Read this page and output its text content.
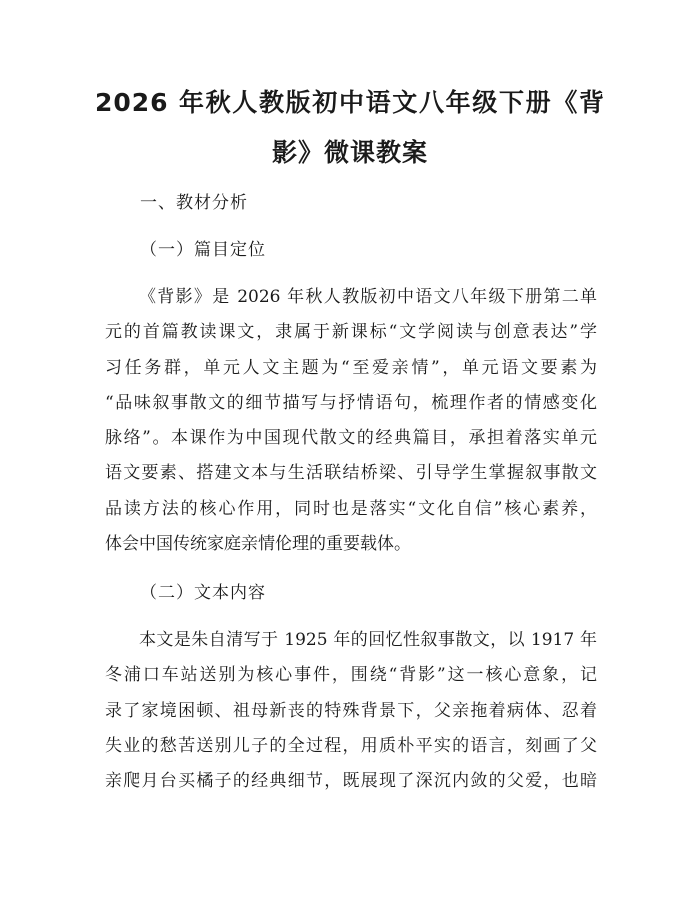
2026 年秋人教版初中语文八年级下册《背
影》微课教案
一、教材分析
（一）篇目定位
《背影》是 2026 年秋人教版初中语文八年级下册第二单
元的首篇教读课文，隶属于新课标“文学阅读与创意表达”学
习任务群，单元人文主题为“至爱亲情”，单元语文要素为
“品味叙事散文的细节描写与抒情语句，梳理作者的情感变化
脉络”。本课作为中国现代散文的经典篇目，承担着落实单元
语文要素、搭建文本与生活联结桥梁、引导学生掌握叙事散文
品读方法的核心作用，同时也是落实“文化自信”核心素养，
体会中国传统家庭亲情伦理的重要载体。
（二）文本内容
本文是朱自清写于 1925 年的回忆性叙事散文，以 1917 年
冬浦口车站送别为核心事件，围绕“背影”这一核心意象，记
录了家境困顿、祖母新丧的特殊背景下，父亲拖着病体、忍着
失业的愁苦送别儿子的全过程，用质朴平实的语言，刻画了父
亲爬月台买橘子的经典细节，既展现了深沉内敛的父爱，也暗
